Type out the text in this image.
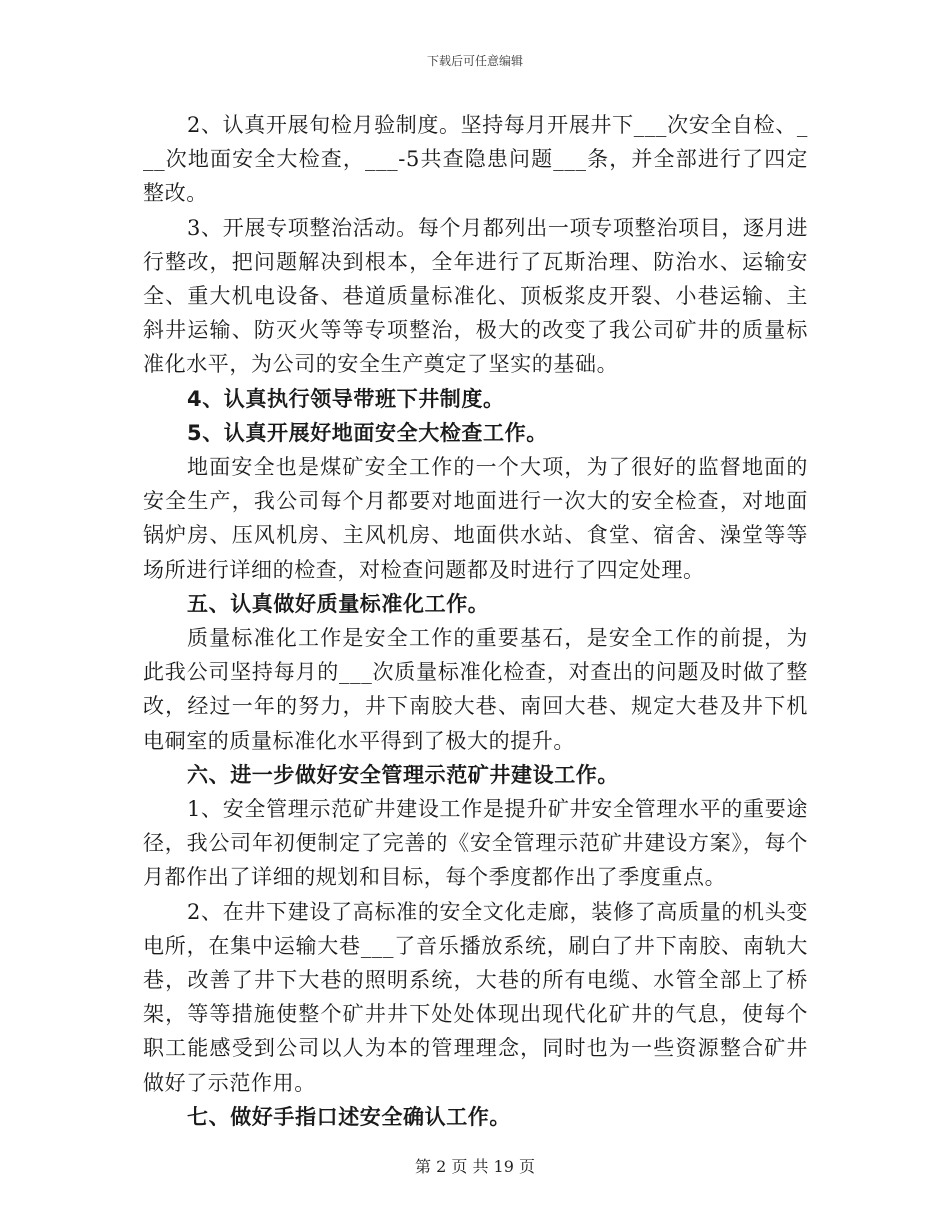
下载后可任意编辑

2、认真开展旬检月验制度。坚持每月开展井下___次安全自检、___次地面安全大检查，___-5共查隐患问题___条，并全部进行了四定整改。

3、开展专项整治活动。每个月都列出一项专项整治项目，逐月进行整改，把问题解决到根本，全年进行了瓦斯治理、防治水、运输安全、重大机电设备、巷道质量标准化、顶板浆皮开裂、小巷运输、主斜井运输、防灭火等等专项整治，极大的改变了我公司矿井的质量标准化水平，为公司的安全生产奠定了坚实的基础。

4、认真执行领导带班下井制度。

5、认真开展好地面安全大检查工作。

地面安全也是煤矿安全工作的一个大项，为了很好的监督地面的安全生产，我公司每个月都要对地面进行一次大的安全检查，对地面锅炉房、压风机房、主风机房、地面供水站、食堂、宿舍、澡堂等等场所进行详细的检查，对检查问题都及时进行了四定处理。

五、认真做好质量标准化工作。

质量标准化工作是安全工作的重要基石，是安全工作的前提，为此我公司坚持每月的___次质量标准化检查，对查出的问题及时做了整改，经过一年的努力，井下南胶大巷、南回大巷、规定大巷及井下机电硐室的质量标准化水平得到了极大的提升。

六、进一步做好安全管理示范矿井建设工作。

1、安全管理示范矿井建设工作是提升矿井安全管理水平的重要途径，我公司年初便制定了完善的《安全管理示范矿井建设方案》，每个月都作出了详细的规划和目标，每个季度都作出了季度重点。

2、在井下建设了高标准的安全文化走廊，装修了高质量的机头变电所，在集中运输大巷___了音乐播放系统，刷白了井下南胶、南轨大巷，改善了井下大巷的照明系统，大巷的所有电缆、水管全部上了桥架，等等措施使整个矿井井下处处体现出现代化矿井的气息，使每个职工能感受到公司以人为本的管理理念，同时也为一些资源整合矿井做好了示范作用。

七、做好手指口述安全确认工作。

第 2 页 共 19 页
